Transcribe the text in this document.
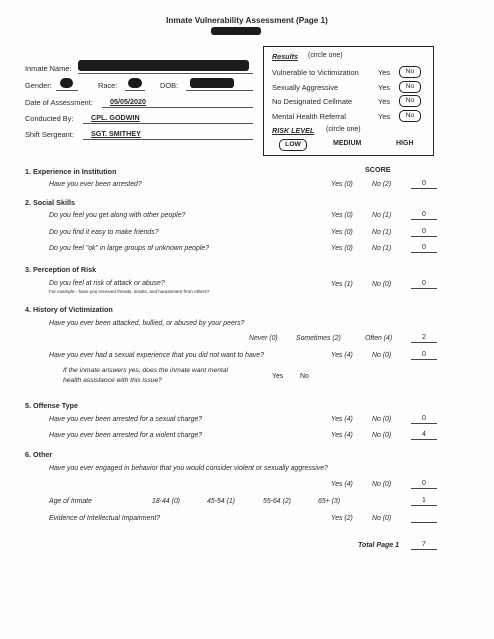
Inmate Vulnerability Assessment (Page 1)
Inmate Name:
Gender:	Race:	DOB:
Date of Assessment: 05/05/2020
Conducted By: CPL. GODWIN
Shift Sergeant: SGT. SMITHEY
Results (circle one)
Vulnerable to Victimization	Yes	No
Sexually Aggressive	Yes	No
No Designated Cellmate	Yes	No
Mental Health Referral	Yes	No
RISK LEVEL (circle one)
LOW	MEDIUM	HIGH
SCORE
1. Experience in Institution
Have you ever been arrested?	Yes (0)	No (2)	0
2. Social Skills
Do you feel you get along with other people?	Yes (0)	No (1)	0
Do you find it easy to make friends?	Yes (0)	No (1)	0
Do you feel "ok" in large groups of unknown people?	Yes (0)	No (1)	0
3. Perception of Risk
Do you feel at risk of attack or abuse?
For example - have you received threats, insults, and harassment from others?
Yes (1)	No (0)	0
4. History of Victimization
Have you ever been attacked, bullied, or abused by your peers?
Never (0)	Sometimes (2)	Often (4)	2
Have you ever had a sexual experience that you did not want to have?	Yes (4)	No (0)	0
If the inmate answers yes, does the inmate want mental
health assistance with this issue?
Yes No
5. Offense Type
Have you ever been arrested for a sexual charge?	Yes (4)	No (0)	0
Have you ever been arrested for a violent charge?	Yes (4)	No (0)	4
6. Other
Have you ever engaged in behavior that you would consider violent or sexually aggressive?
Yes (4)	No (0)	0
Age of Inmate	18-44 (0)	45-54 (1)	55-64 (2)	65+ (3)	1
Evidence of Intellectual Impairment?	Yes (2)	No (0)
Total Page 1	7
